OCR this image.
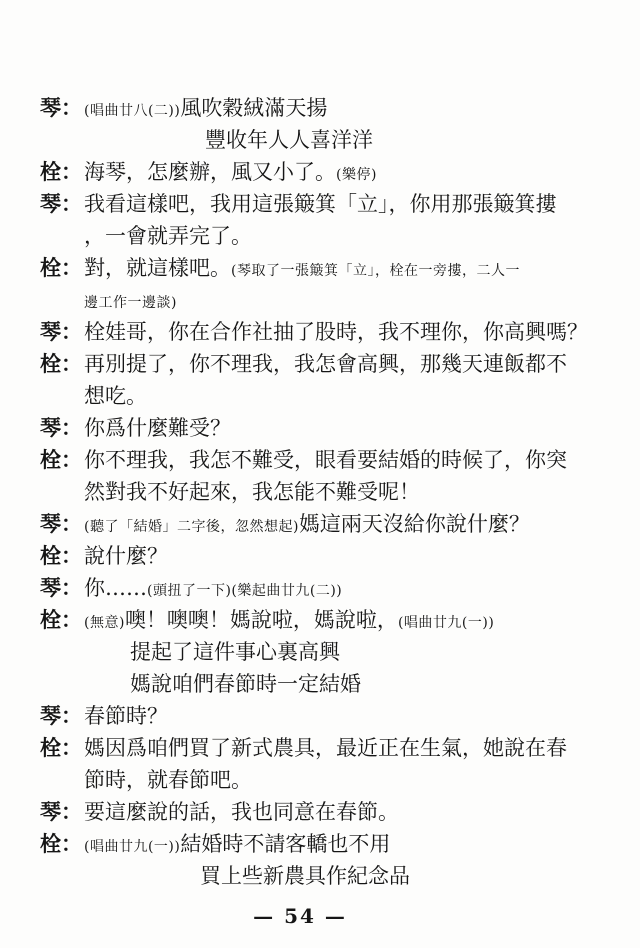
琴： (唱曲廿八(二))風吹穀絨滿天揚
豐收年人人喜洋洋
栓： 海琴，怎麼辦，風又小了。(樂停)
琴： 我看這樣吧，我用這張簸箕「立」，你用那張簸箕摟
，一會就弄完了。
栓： 對，就這樣吧。(琴取了一張簸箕「立」，栓在一旁摟，二人一
邊工作一邊談)
琴： 栓娃哥，你在合作社抽了股時，我不理你，你高興嗎？
栓： 再別提了，你不理我，我怎會高興，那幾天連飯都不
想吃。
琴： 你爲什麼難受？
栓： 你不理我，我怎不難受，眼看要結婚的時候了，你突
然對我不好起來，我怎能不難受呢！
琴： (聽了「結婚」二字後，忽然想起)媽這兩天沒給你說什麼？
栓： 說什麼？
琴： 你……(頭扭了一下)(樂起曲廿九(二))
栓： (無意)噢！噢噢！媽說啦，媽說啦，(唱曲廿九(一))
提起了這件事心裏高興
媽說咱們春節時一定結婚
琴： 春節時？
栓： 媽因爲咱們買了新式農具，最近正在生氣，她說在春
節時，就春節吧。
琴： 要這麼說的話，我也同意在春節。
栓： (唱曲廿九(一))結婚時不請客轎也不用
買上些新農具作紀念品
— 54 —
